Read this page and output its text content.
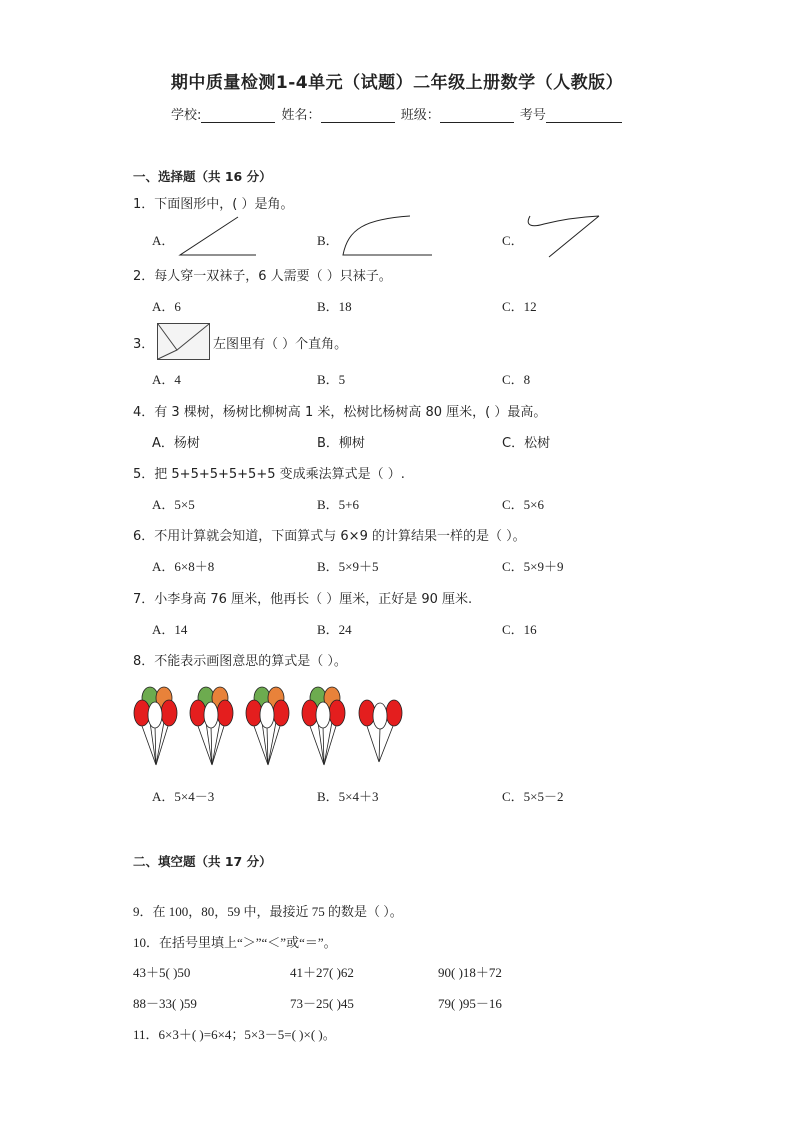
期中质量检测1-4单元（试题）二年级上册数学（人教版）
学校:	姓名：	班级：	考号
一、选择题（共 16 分）
1．下面图形中，( ）是角。
A．	B．	C．
2．每人穿一双袜子，6 人需要（ ）只袜子。
A．6	B．18	C．12
3．	左图里有（ ）个直角。
A．4	B．5	C．8
4．有 3 棵树，杨树比柳树高 1 米，松树比杨树高 80 厘米，( ）最高。
A．杨树	B．柳树	C．松树
5．把 5+5+5+5+5+5 变成乘法算式是（ ）.
A．5×5	B．5+6	C．5×6
6．不用计算就会知道，下面算式与 6×9 的计算结果一样的是（ ）。
A．6×8＋8	B．5×9＋5	C．5×9＋9
7．小李身高 76 厘米，他再长（ ）厘米，正好是 90 厘米.
A．14	B．24	C．16
8．不能表示画图意思的算式是（ ）。
A．5×4－3	B．5×4＋3	C．5×5－2
二、填空题（共 17 分）
9．在 100，80，59 中，最接近 75 的数是（ ）。
10．在括号里填上“＞”“＜”或“＝”。
43＋5( )50	41＋27( )62	90( )18＋72
88－33( )59	73－25( )45	79( )95－16
11．6×3＋( )=6×4；5×3－5=( )×( )。
